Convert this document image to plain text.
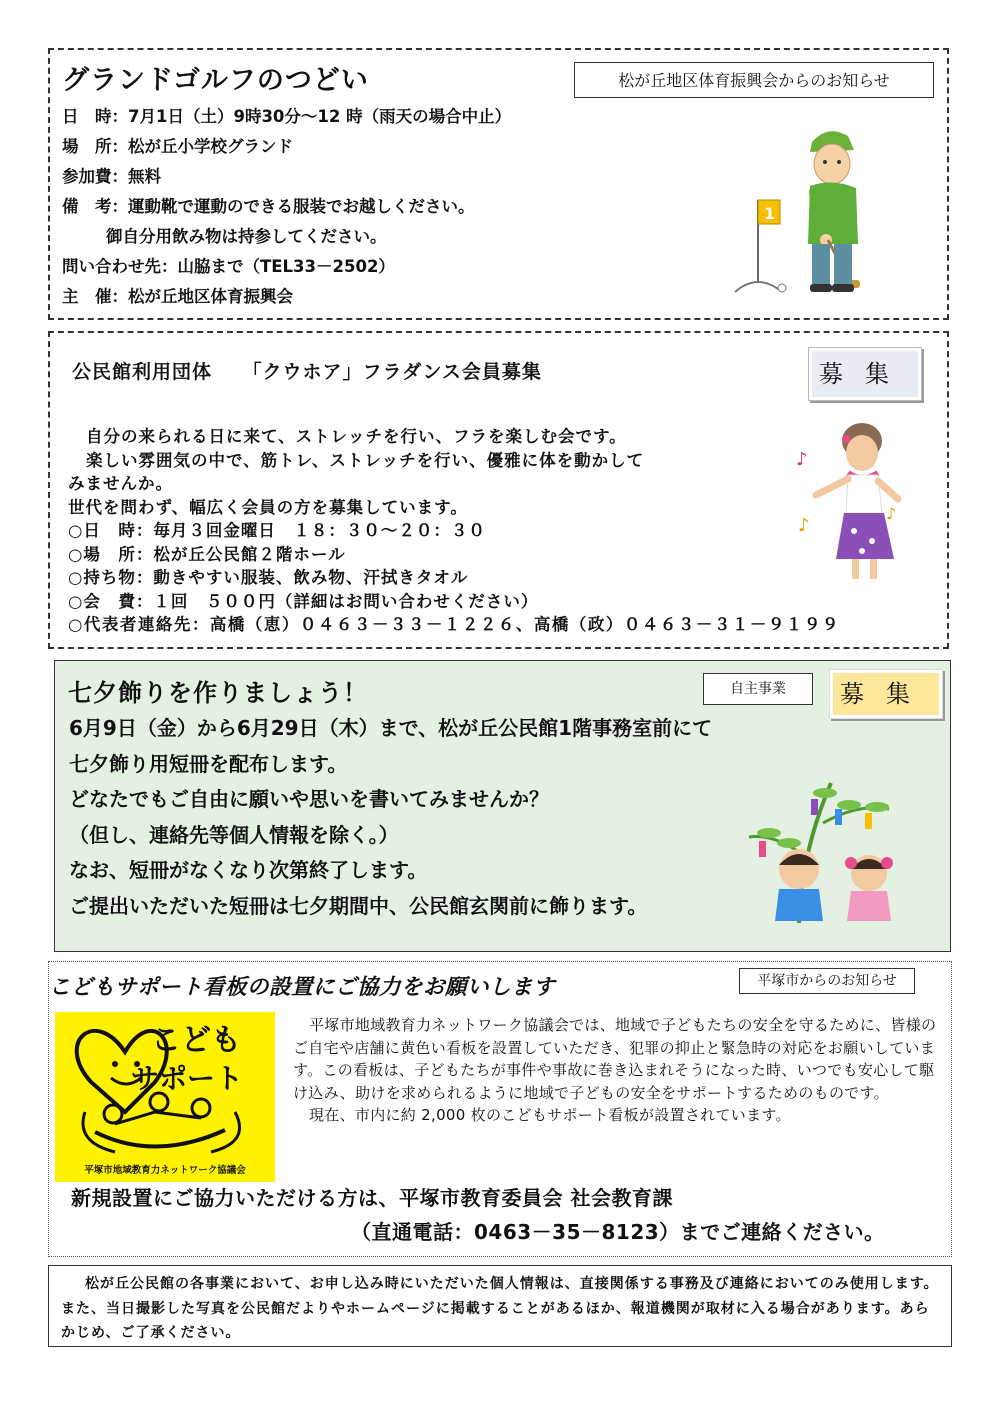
グランドゴルフのつどい	松が丘地区体育振興会からのお知らせ
日　時：7月1日（土）9時30分～12 時（雨天の場合中止）
場　所：松が丘小学校グランド
参加費：無料
備　考：運動靴で運動のできる服装でお越しください。
御自分用飲み物は持参してください。
問い合わせ先：山脇まで（TEL33－2502）
主　催：松が丘地区体育振興会
1
公民館利用団体　　「クウホア」フラダンス会員募集	募集

自分の来られる日に来て、ストレッチを行い、フラを楽しむ会です。

楽しい雰囲気の中で、筋トレ、ストレッチを行い、優雅に体を動かして

みませんか。

世代を問わず、幅広く会員の方を募集しています。

○日　時：毎月３回金曜日　１８：３０～２０：３０

○場　所：松が丘公民館２階ホール

○持ち物：動きやすい服装、飲み物、汗拭きタオル

○会　費：１回　５００円（詳細はお問い合わせください）

○代表者連絡先：高橋（恵）０４６３－３３－１２２６、高橋（政）０４６３－３１－９１９９

♪
♪
♪
七夕飾りを作りましょう！	自主事業	募集

6月9日（金）から6月29日（木）まで、松が丘公民館1階事務室前にて

七夕飾り用短冊を配布します。

どなたでもご自由に願いや思いを書いてみませんか？

（但し、連絡先等個人情報を除く。）

なお、短冊がなくなり次第終了します。

ご提出いただいた短冊は七夕期間中、公民館玄関前に飾ります。

こどもサポート看板の設置にご協力をお願いします	平塚市からのお知らせ
こども
サポート
平塚市地域教育力ネットワーク協議会

平塚市地域教育力ネットワーク協議会では、地域で子どもたちの安全を守るために、皆様のご自宅や店舗に黄色い看板を設置していただき、犯罪の抑止と緊急時の対応をお願いしています。この看板は、子どもたちが事件や事故に巻き込まれそうになった時、いつでも安心して駆け込み、助けを求められるように地域で子どもの安全をサポートするためのものです。

現在、市内に約 2,000 枚のこどもサポート看板が設置されています。

新規設置にご協力いただける方は、平塚市教育委員会 社会教育課
（直通電話：0463－35－8123）までご連絡ください。

松が丘公民館の各事業において、お申し込み時にいただいた個人情報は、直接関係する事務及び連絡においてのみ使用します。また、当日撮影した写真を公民館だよりやホームページに掲載することがあるほか、報道機関が取材に入る場合があります。あらかじめ、ご了承ください。
